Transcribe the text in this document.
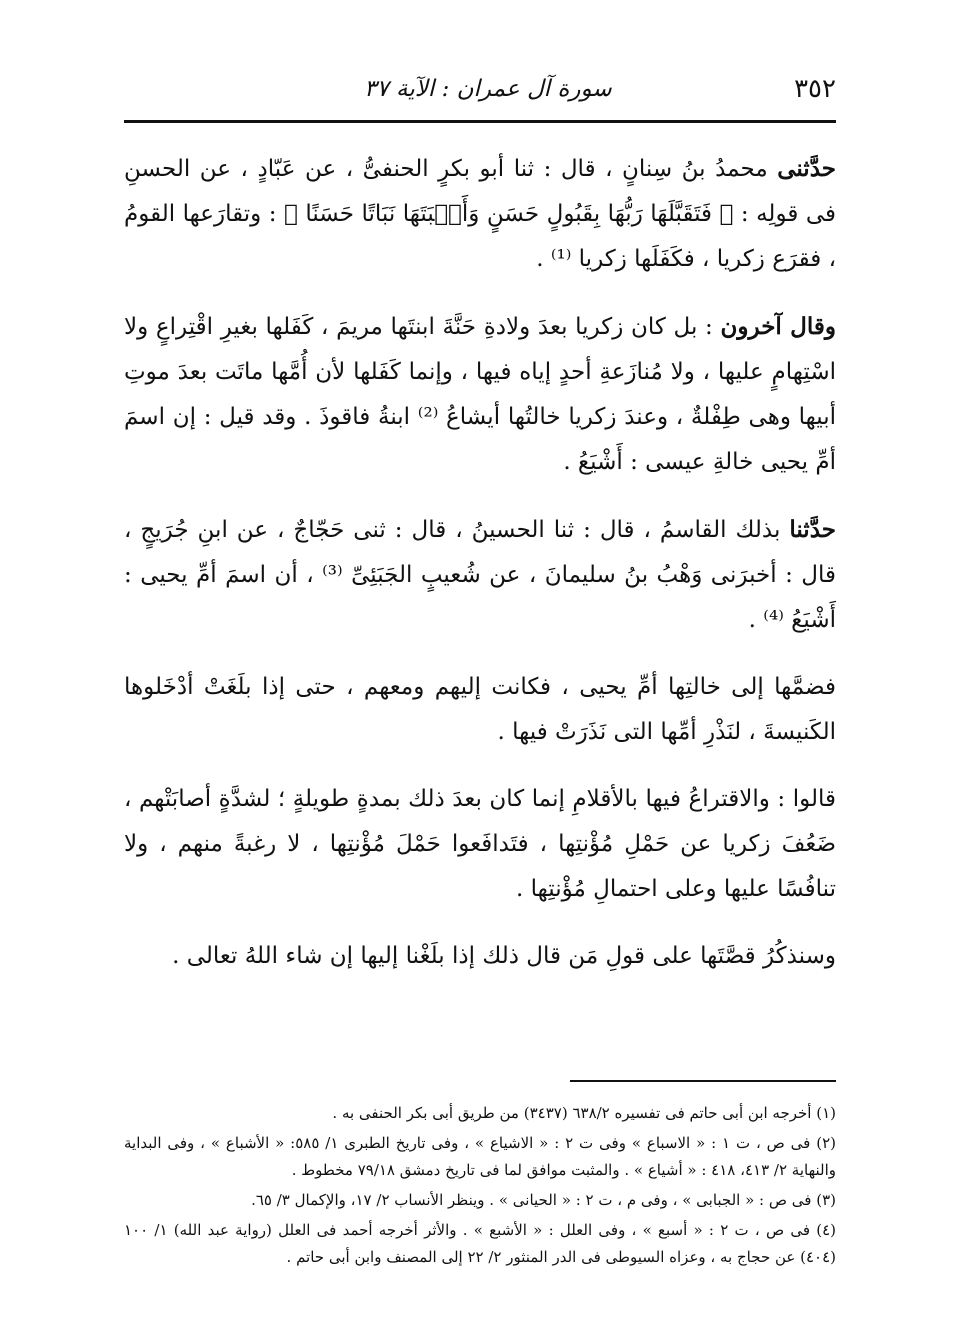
٣٥٢
سورة آل عمران : الآية ٣٧

حدَّثنى محمدُ بنُ سِنانٍ ، قال : ثنا أبو بكرٍ الحنفىُّ ، عن عَبّادٍ ، عن الحسنِ فى قولِه : ﴿ فَتَقَبَّلَهَا رَبُّهَا بِقَبُولٍ حَسَنٍ وَأَنۢبَتَهَا نَبَاتًا حَسَنًا ﴾ : وتقارَعها القومُ ، فقرَع زكريا ، فكَفَلَها زكريا ⁽¹⁾ .

وقال آخرون : بل كان زكريا بعدَ ولادةِ حَنَّةَ ابنتَها مريمَ ، كَفَلها بغيرِ اقْتِراعٍ ولا اسْتِهامٍ عليها ، ولا مُنازَعةِ أحدٍ إياه فيها ، وإنما كَفَلها لأن أُمَّها ماتَت بعدَ موتِ أبيها وهى طِفْلةٌ ، وعندَ زكريا خالتُها أيشاعُ ⁽²⁾ ابنةُ فاقوذَ . وقد قيل : إن اسمَ أمِّ يحيى خالةِ عيسى : أَشْيَعُ .

حدَّثنا بذلك القاسمُ ، قال : ثنا الحسينُ ، قال : ثنى حَجّاجٌ ، عن ابنِ جُرَيجٍ ، قال : أخبرَنى وَهْبُ بنُ سليمانَ ، عن شُعيبٍ الجَبَئِىِّ ⁽³⁾ ، أن اسمَ أمِّ يحيى : أَشْيَعُ ⁽⁴⁾ .

فضمَّها إلى خالتِها أمِّ يحيى ، فكانت إليهم ومعهم ، حتى إذا بلَغَتْ أدْخَلوها الكَنيسةَ ، لنَذْرِ أمِّها التى نَذَرَتْ فيها .

قالوا : والاقتراعُ فيها بالأقلامِ إنما كان بعدَ ذلك بمدةٍ طويلةٍ ؛ لشدَّةٍ أصابَتْهم ، ضَعُفَ زكريا عن حَمْلِ مُؤْنتِها ، فتَدافَعوا حَمْلَ مُؤْنتِها ، لا رغبةً منهم ، ولا تنافُسًا عليها وعلى احتمالِ مُؤْنتِها .

وسنذكُرُ قصَّتَها على قولِ مَن قال ذلك إذا بلَغْنا إليها إن شاء اللهُ تعالى .

(١) أخرجه ابن أبى حاتم فى تفسيره ٦٣٨/٢ (٣٤٣٧) من طريق أبى بكر الحنفى به .

(٢) فى ص ، ت ١ : « الاسباع » وفى ت ٢ : « الاشياع » ، وفى تاريخ الطبرى ١/ ٥٨٥: « الأشباع » ، وفى البداية والنهاية ٢/ ٤١٣، ٤١٨ : « أشياع » . والمثبت موافق لما فى تاريخ دمشق ٧٩/١٨ مخطوط .

(٣) فى ص : « الجبابى » ، وفى م ، ت ٢ : « الحيانى » . وينظر الأنساب ٢/ ١٧، والإكمال ٣/ ٦٥.

(٤) فى ص ، ت ٢ : « أسبع » ، وفى العلل : « الأشبع » . والأثر أخرجه أحمد فى العلل (رواية عبد الله) ١/ ١٠٠ (٤٠٤) عن حجاج به ، وعزاه السيوطى فى الدر المنثور ٢/ ٢٢ إلى المصنف وابن أبى حاتم .
